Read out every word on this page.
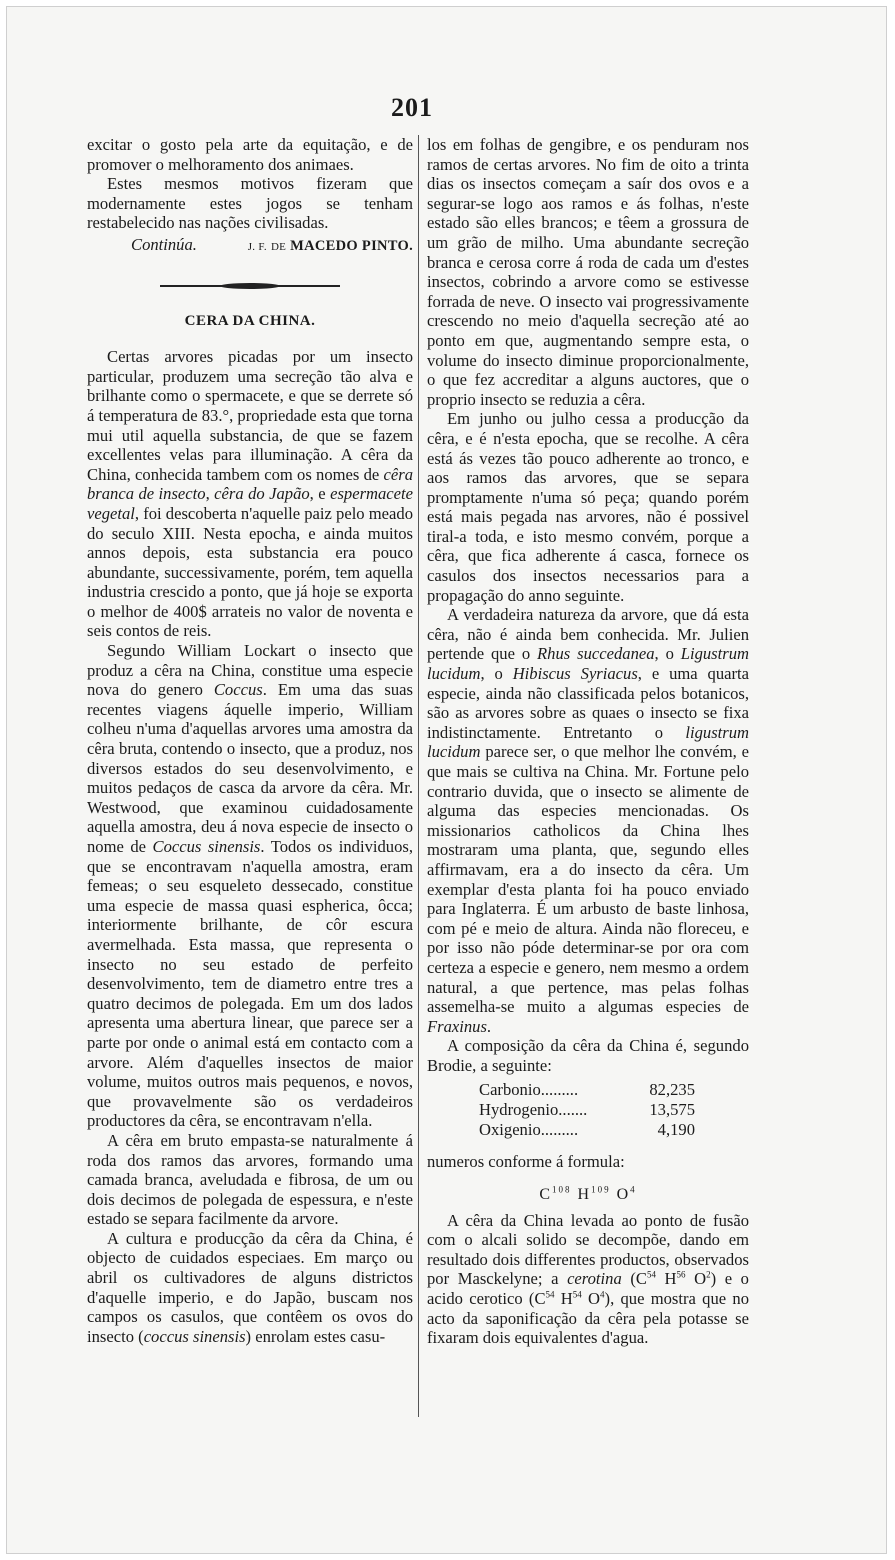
201

excitar o gosto pela arte da equitação, e de promover o melhoramento dos animaes.

Estes mesmos motivos fizeram que modernamente estes jogos se tenham restabelecido nas nações civilisadas.

Continúa.	J. F. DE MACEDO PINTO.
CERA DA CHINA.

Certas arvores picadas por um insecto particular, produzem uma secreção tão alva e brilhante como o spermacete, e que se derrete só á temperatura de 83.°, propriedade esta que torna mui util aquella substancia, de que se fazem excellentes velas para illuminação. A cêra da China, conhecida tambem com os nomes de cêra branca de insecto, cêra do Japão, e espermacete vegetal, foi descoberta n'aquelle paiz pelo meado do seculo XIII. Nesta epocha, e ainda muitos annos depois, esta substancia era pouco abundante, successivamente, porém, tem aquella industria crescido a ponto, que já hoje se exporta o melhor de 400$ arrateis no valor de noventa e seis contos de reis.

Segundo William Lockart o insecto que produz a cêra na China, constitue uma especie nova do genero Coccus. Em uma das suas recentes viagens áquelle imperio, William colheu n'uma d'aquellas arvores uma amostra da cêra bruta, contendo o insecto, que a produz, nos diversos estados do seu desenvolvimento, e muitos pedaços de casca da arvore da cêra. Mr. Westwood, que examinou cuidadosamente aquella amostra, deu á nova especie de insecto o nome de Coccus sinensis. Todos os individuos, que se encontravam n'aquella amostra, eram femeas; o seu esqueleto dessecado, constitue uma especie de massa quasi espherica, ôcca; interiormente brilhante, de côr escura avermelhada. Esta massa, que representa o insecto no seu estado de perfeito desenvolvimento, tem de diametro entre tres a quatro decimos de polegada. Em um dos lados apresenta uma abertura linear, que parece ser a parte por onde o animal está em contacto com a arvore. Além d'aquelles insectos de maior volume, muitos outros mais pequenos, e novos, que provavelmente são os verdadeiros productores da cêra, se encontravam n'ella.

A cêra em bruto empasta-se naturalmente á roda dos ramos das arvores, formando uma camada branca, aveludada e fibrosa, de um ou dois decimos de polegada de espessura, e n'este estado se separa facilmente da arvore.

A cultura e producção da cêra da China, é objecto de cuidados especiaes. Em março ou abril os cultivadores de alguns districtos d'aquelle imperio, e do Japão, buscam nos campos os casulos, que contêem os ovos do insecto (coccus sinensis) enrolam estes casu-

los em folhas de gengibre, e os penduram nos ramos de certas arvores. No fim de oito a trinta dias os insectos começam a saír dos ovos e a segurar-se logo aos ramos e ás folhas, n'este estado são elles brancos; e têem a grossura de um grão de milho. Uma abundante secreção branca e cerosa corre á roda de cada um d'estes insectos, cobrindo a arvore como se estivesse forrada de neve. O insecto vai progressivamente crescendo no meio d'aquella secreção até ao ponto em que, augmentando sempre esta, o volume do insecto diminue proporcionalmente, o que fez accreditar a alguns auctores, que o proprio insecto se reduzia a cêra.

Em junho ou julho cessa a producção da cêra, e é n'esta epocha, que se recolhe. A cêra está ás vezes tão pouco adherente ao tronco, e aos ramos das arvores, que se separa promptamente n'uma só peça; quando porém está mais pegada nas arvores, não é possivel tiral-a toda, e isto mesmo convém, porque a cêra, que fica adherente á casca, fornece os casulos dos insectos necessarios para a propagação do anno seguinte.

A verdadeira natureza da arvore, que dá esta cêra, não é ainda bem conhecida. Mr. Julien pertende que o Rhus succedanea, o Ligustrum lucidum, o Hibiscus Syriacus, e uma quarta especie, ainda não classificada pelos botanicos, são as arvores sobre as quaes o insecto se fixa indistinctamente. Entretanto o ligustrum lucidum parece ser, o que melhor lhe convém, e que mais se cultiva na China. Mr. Fortune pelo contrario duvida, que o insecto se alimente de alguma das especies mencionadas. Os missionarios catholicos da China lhes mostraram uma planta, que, segundo elles affirmavam, era a do insecto da cêra. Um exemplar d'esta planta foi ha pouco enviado para Inglaterra. É um arbusto de baste linhosa, com pé e meio de altura. Ainda não floreceu, e por isso não póde determinar-se por ora com certeza a especie e genero, nem mesmo a ordem natural, a que pertence, mas pelas folhas assemelha-se muito a algumas especies de Fraxinus.

A composição da cêra da China é, segundo Brodie, a seguinte:

Carbonio.........	82,235
Hydrogenio.......	13,575
Oxigenio.........	4,190

numeros conforme á formula:

$C^{108}$ $H^{109}$ $O^4$

A cêra da China levada ao ponto de fusão com o alcali solido se decompõe, dando em resultado dois differentes productos, observados por Masckelyne; a cerotina ($C^{54}$ $H^{56}$ $O^2$) e o acido cerotico ($C^{54}$ $H^{54}$ $O^4$), que mostra que no acto da saponificação da cêra pela potasse se fixaram dois equivalentes d'agua.
